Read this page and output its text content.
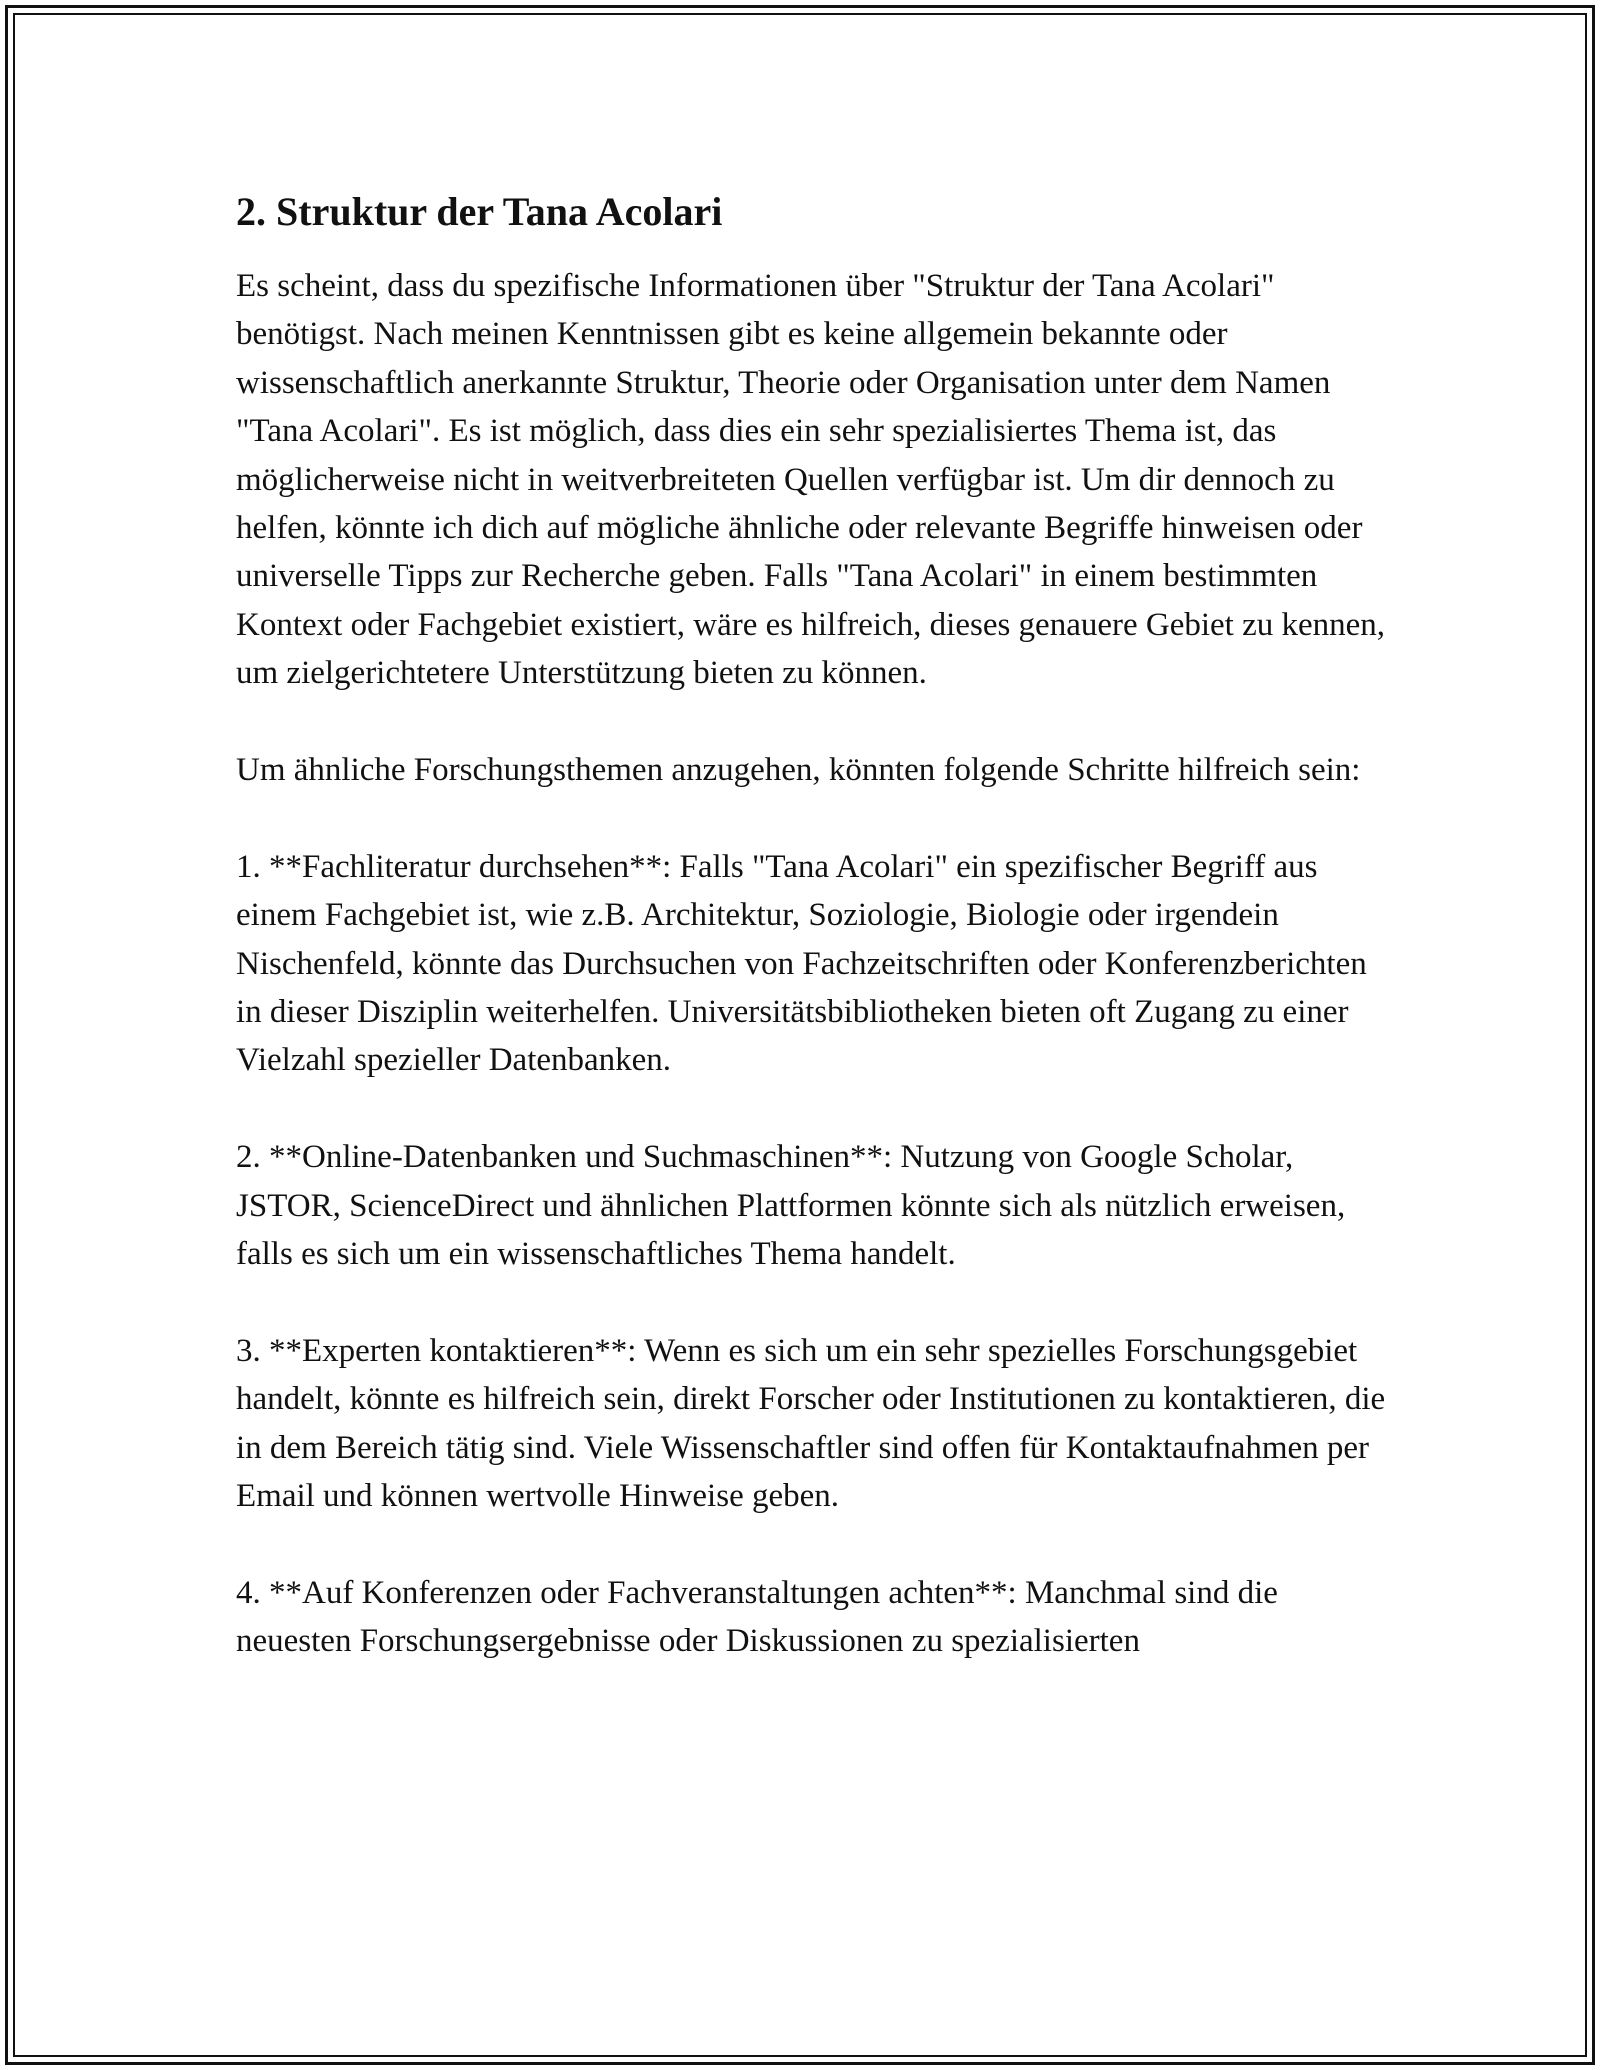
2. Struktur der Tana Acolari

Es scheint, dass du spezifische Informationen über "Struktur der Tana Acolari" benötigst. Nach meinen Kenntnissen gibt es keine allgemein bekannte oder wissenschaftlich anerkannte Struktur, Theorie oder Organisation unter dem Namen "Tana Acolari". Es ist möglich, dass dies ein sehr spezialisiertes Thema ist, das möglicherweise nicht in weitverbreiteten Quellen verfügbar ist. Um dir dennoch zu helfen, könnte ich dich auf mögliche ähnliche oder relevante Begriffe hinweisen oder universelle Tipps zur Recherche geben. Falls "Tana Acolari" in einem bestimmten Kontext oder Fachgebiet existiert, wäre es hilfreich, dieses genauere Gebiet zu kennen, um zielgerichtetere Unterstützung bieten zu können.

Um ähnliche Forschungsthemen anzugehen, könnten folgende Schritte hilfreich sein:

1. **Fachliteratur durchsehen**: Falls "Tana Acolari" ein spezifischer Begriff aus einem Fachgebiet ist, wie z.B. Architektur, Soziologie, Biologie oder irgendein Nischenfeld, könnte das Durchsuchen von Fachzeitschriften oder Konferenzberichten in dieser Disziplin weiterhelfen. Universitätsbibliotheken bieten oft Zugang zu einer Vielzahl spezieller Datenbanken.

2. **Online-Datenbanken und Suchmaschinen**: Nutzung von Google Scholar, JSTOR, ScienceDirect und ähnlichen Plattformen könnte sich als nützlich erweisen, falls es sich um ein wissenschaftliches Thema handelt.

3. **Experten kontaktieren**: Wenn es sich um ein sehr spezielles Forschungsgebiet handelt, könnte es hilfreich sein, direkt Forscher oder Institutionen zu kontaktieren, die in dem Bereich tätig sind. Viele Wissenschaftler sind offen für Kontaktaufnahmen per Email und können wertvolle Hinweise geben.

4. **Auf Konferenzen oder Fachveranstaltungen achten**: Manchmal sind die neuesten Forschungsergebnisse oder Diskussionen zu spezialisierten
